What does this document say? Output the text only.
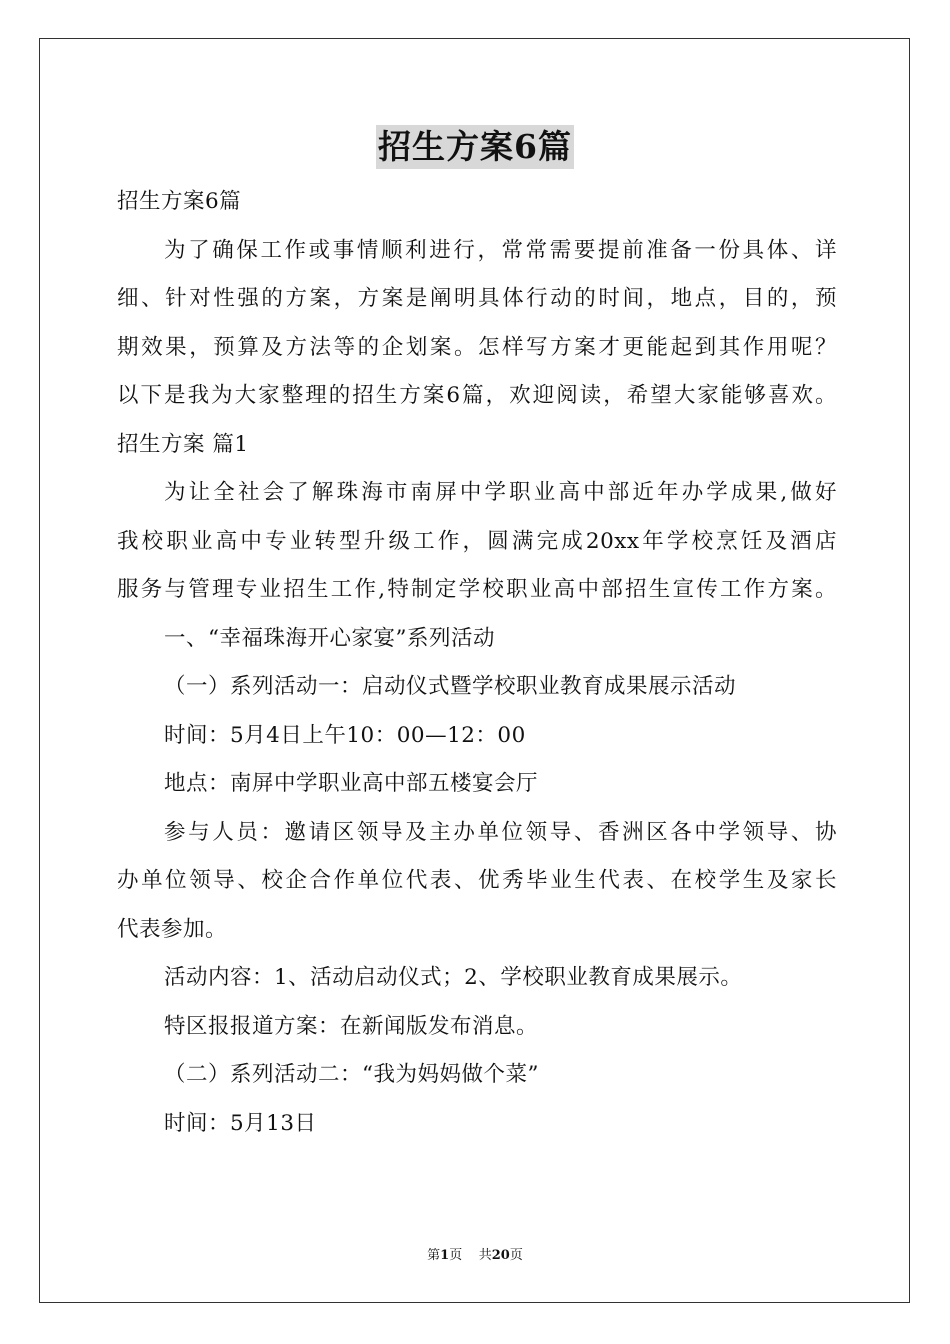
招生方案6篇
招生方案6篇
为了确保工作或事情顺利进行，常常需要提前准备一份具体、详
细、针对性强的方案，方案是阐明具体行动的时间，地点，目的，预
期效果，预算及方法等的企划案。怎样写方案才更能起到其作用呢？
以下是我为大家整理的招生方案6篇，欢迎阅读，希望大家能够喜欢。
招生方案 篇1
为让全社会了解珠海市南屏中学职业高中部近年办学成果,做好
我校职业高中专业转型升级工作，圆满完成20xx年学校烹饪及酒店
服务与管理专业招生工作,特制定学校职业高中部招生宣传工作方案。
一、“幸福珠海开心家宴”系列活动
（一）系列活动一：启动仪式暨学校职业教育成果展示活动
时间：5月4日上午10：00—12：00
地点：南屏中学职业高中部五楼宴会厅
参与人员：邀请区领导及主办单位领导、香洲区各中学领导、协
办单位领导、校企合作单位代表、优秀毕业生代表、在校学生及家长
代表参加。
活动内容：1、活动启动仪式；2、学校职业教育成果展示。
特区报报道方案：在新闻版发布消息。
（二）系列活动二：“我为妈妈做个菜”
时间：5月13日
第1页    共20页
